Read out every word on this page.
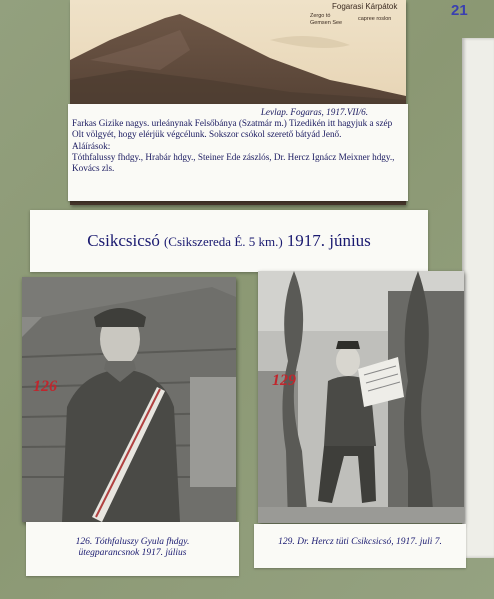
21
Fogarasi Kárpátok
Zergo tó
Gemsen See
capree roslon
Levlap. Fogaras, 1917.VII/6.
Farkas Gizike nagys. urleánynak Felsőbánya (Szatmár m.) Tizedikén itt hagyjuk a szép Olt völgyét, hogy elérjük végcélunk. Sokszor csókol szerető bátyád Jenő.
Aláírások:
Tóthfalussy fhdgy., Hrabár hdgy., Steiner Ede zászlós, Dr. Hercz Ignácz Meixner hdgy., Kovács zls.
Csikcsicsó (Csikszereda É. 5 km.) 1917. június
126
126. Tóthfaluszy Gyula fhdgy.
ütegparancsnok 1917. július
129
129. Dr. Hercz tüti Csikcsicsó, 1917. juli 7.
